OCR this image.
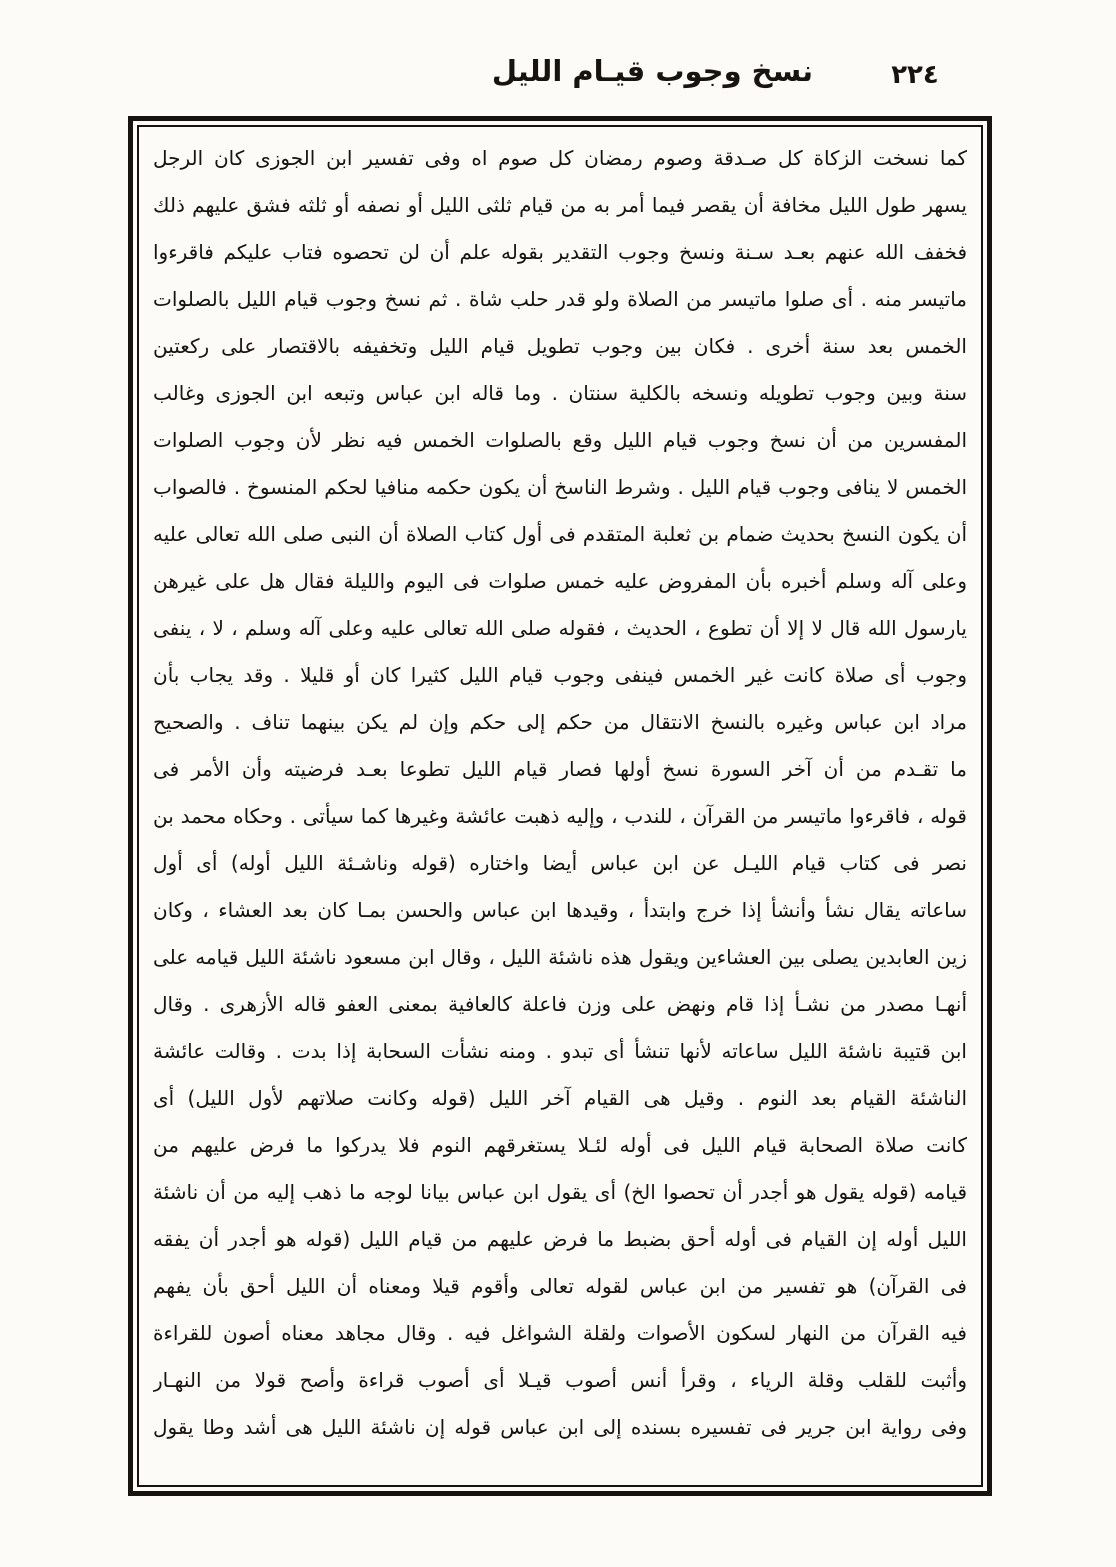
٢٢٤
نسخ وجوب قيـام الليل
كما نسخت الزكاة كل صـدقة وصوم رمضان كل صوم اه وفى تفسير ابن الجوزى كان الرجل
يسهر طول الليل مخافة أن يقصر فيما أمر به من قيام ثلثى الليل أو نصفه أو ثلثه فشق عليهم ذلك
فخفف الله عنهم بعـد سـنة ونسخ وجوب التقدير بقوله علم أن لن تحصوه فتاب عليكم فاقرءوا
ماتيسر منه . أى صلوا ماتيسر من الصلاة ولو قدر حلب شاة . ثم نسخ وجوب قيام الليل بالصلوات
الخمس بعد سنة أخرى . فكان بين وجوب تطويل قيام الليل وتخفيفه بالاقتصار على ركعتين
سنة وبين وجوب تطويله ونسخه بالكلية سنتان . وما قاله ابن عباس وتبعه ابن الجوزى وغالب
المفسرين من أن نسخ وجوب قيام الليل وقع بالصلوات الخمس فيه نظر لأن وجوب الصلوات
الخمس لا ينافى وجوب قيام الليل . وشرط الناسخ أن يكون حكمه منافيا لحكم المنسوخ . فالصواب
أن يكون النسخ بحديث ضمام بن ثعلبة المتقدم فى أول كتاب الصلاة أن النبى صلى الله تعالى عليه
وعلى آله وسلم أخبره بأن المفروض عليه خمس صلوات فى اليوم والليلة فقال هل على غيرهن
يارسول الله قال لا إلا أن تطوع ، الحديث ، فقوله صلى الله تعالى عليه وعلى آله وسلم ، لا ، ينفى
وجوب أى صلاة كانت غير الخمس فينفى وجوب قيام الليل كثيرا كان أو قليلا . وقد يجاب بأن
مراد ابن عباس وغيره بالنسخ الانتقال من حكم إلى حكم وإن لم يكن بينهما تناف . والصحيح
ما تقـدم من أن آخر السورة نسخ أولها فصار قيام الليل تطوعا بعـد فرضيته وأن الأمر فى
قوله ، فاقرءوا ماتيسر من القرآن ، للندب ، وإليه ذهبت عائشة وغيرها كما سيأتى . وحكاه محمد بن
نصر فى كتاب قيام الليـل عن ابن عباس أيضا واختاره (قوله وناشـئة الليل أوله) أى أول
ساعاته يقال نشأ وأنشأ إذا خرج وابتدأ ، وقيدها ابن عباس والحسن بمـا كان بعد العشاء ، وكان
زين العابدين يصلى بين العشاءين ويقول هذه ناشئة الليل ، وقال ابن مسعود ناشئة الليل قيامه على
أنهـا مصدر من نشـأ إذا قام ونهض على وزن فاعلة كالعافية بمعنى العفو قاله الأزهرى . وقال
ابن قتيبة ناشئة الليل ساعاته لأنها تنشأ أى تبدو . ومنه نشأت السحابة إذا بدت . وقالت عائشة
الناشئة القيام بعد النوم . وقيل هى القيام آخر الليل (قوله وكانت صلاتهم لأول الليل) أى
كانت صلاة الصحابة قيام الليل فى أوله لئـلا يستغرقهم النوم فلا يدركوا ما فرض عليهم من
قيامه (قوله يقول هو أجدر أن تحصوا الخ) أى يقول ابن عباس بيانا لوجه ما ذهب إليه من أن ناشئة
الليل أوله إن القيام فى أوله أحق بضبط ما فرض عليهم من قيام الليل (قوله هو أجدر أن يفقه
فى القرآن) هو تفسير من ابن عباس لقوله تعالى وأقوم قيلا ومعناه أن الليل أحق بأن يفهم
فيه القرآن من النهار لسكون الأصوات ولقلة الشواغل فيه . وقال مجاهد معناه أصون للقراءة
وأثبت للقلب وقلة الرياء ، وقرأ أنس أصوب قيـلا أى أصوب قراءة وأصح قولا من النهـار
وفى رواية ابن جرير فى تفسيره بسنده إلى ابن عباس قوله إن ناشئة الليل هى أشد وطا يقول
